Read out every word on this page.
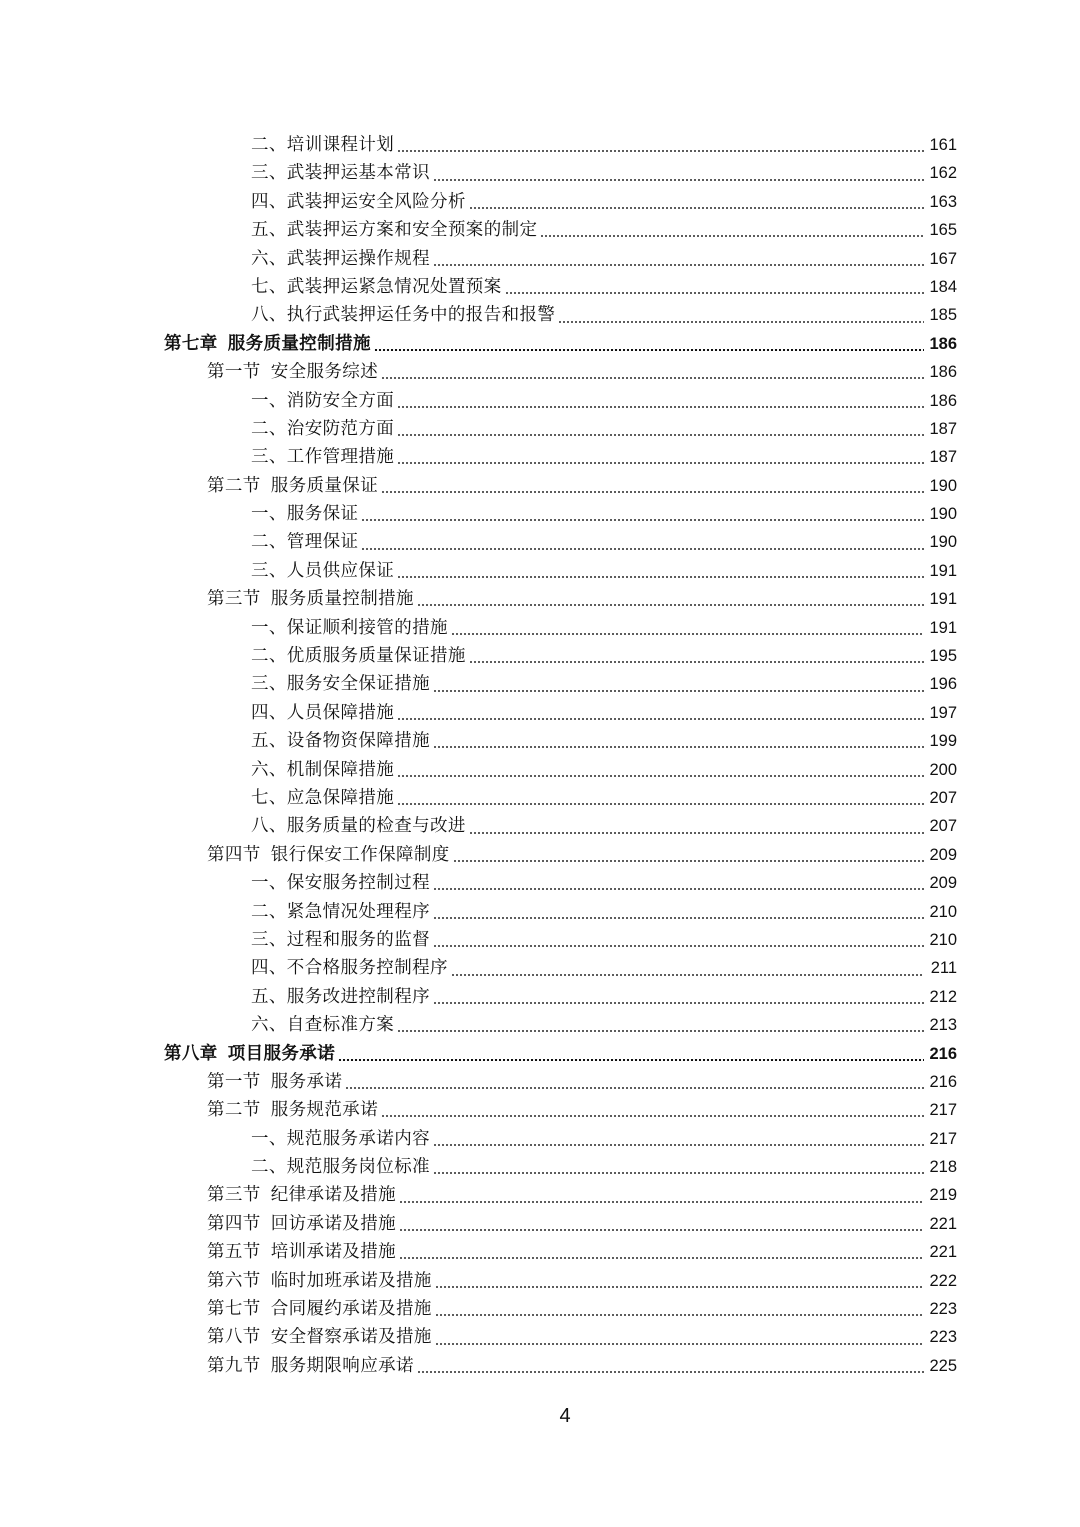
二、培训课程计划	161
三、武装押运基本常识	162
四、武装押运安全风险分析	163
五、武装押运方案和安全预案的制定	165
六、武装押运操作规程	167
七、武装押运紧急情况处置预案	184
八、执行武装押运任务中的报告和报警	185
第七章 服务质量控制措施	186
第一节 安全服务综述	186
一、消防安全方面	186
二、治安防范方面	187
三、工作管理措施	187
第二节 服务质量保证	190
一、服务保证	190
二、管理保证	190
三、人员供应保证	191
第三节 服务质量控制措施	191
一、保证顺利接管的措施	191
二、优质服务质量保证措施	195
三、服务安全保证措施	196
四、人员保障措施	197
五、设备物资保障措施	199
六、机制保障措施	200
七、应急保障措施	207
八、服务质量的检查与改进	207
第四节 银行保安工作保障制度	209
一、保安服务控制过程	209
二、紧急情况处理程序	210
三、过程和服务的监督	210
四、不合格服务控制程序	211
五、服务改进控制程序	212
六、自查标准方案	213
第八章 项目服务承诺	216
第一节 服务承诺	216
第二节 服务规范承诺	217
一、规范服务承诺内容	217
二、规范服务岗位标准	218
第三节 纪律承诺及措施	219
第四节 回访承诺及措施	221
第五节 培训承诺及措施	221
第六节 临时加班承诺及措施	222
第七节 合同履约承诺及措施	223
第八节 安全督察承诺及措施	223
第九节 服务期限响应承诺	225
4
